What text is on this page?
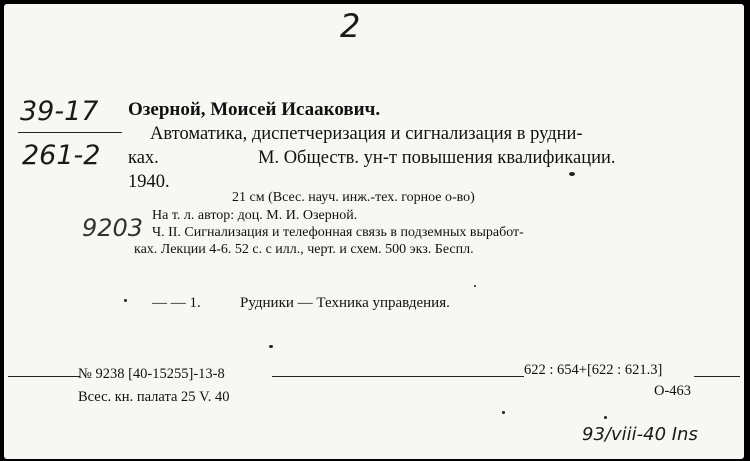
2
39-17
261-2
9203
Озерной, Моисей Исаакович.
Автоматика, диспетчеризация и сигнализация в рудни-
ках.	М. Обществ. ун-т повышения квалификации.
1940.
21 см (Всес. науч. инж.-тех. горное о-во)
На т. л. автор: доц. М. И. Озерной.
Ч. II. Сигнализация и телефонная связь в подземных выработ-
ках. Лекции 4-6. 52 с. с илл., черт. и схем. 500 экз. Беспл.
— — 1.	Рудники — Техника управдения.
№ 9238 [40-15255]-13-8	622 : 654+[622 : 621.3]
Всес. кн. палата 25 V. 40	О-463
93/viii-40 Ins
